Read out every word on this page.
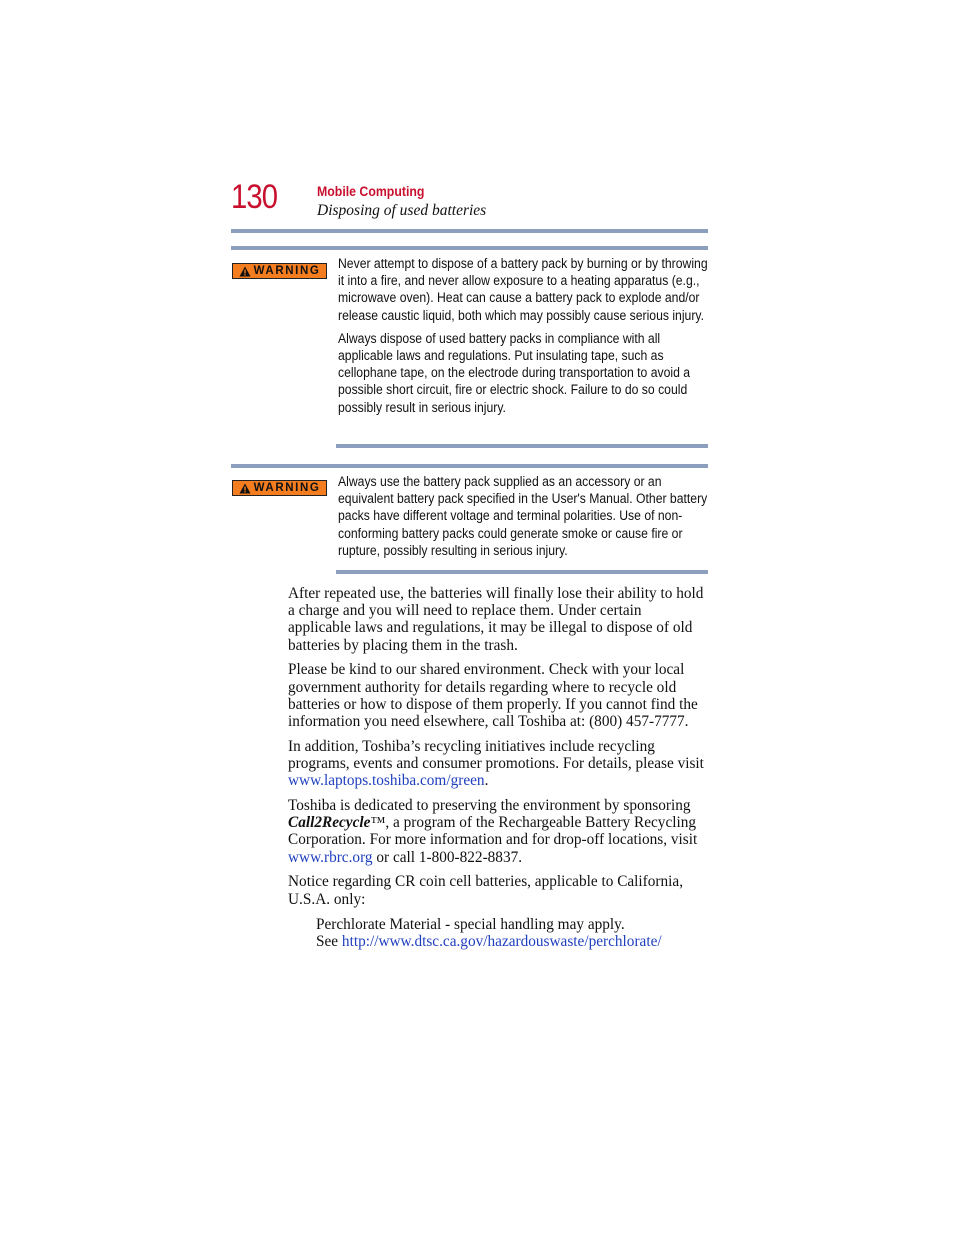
130	Mobile Computing
Disposing of used batteries
WARNING Never attempt to dispose of a battery pack by burning or by throwing it into a fire, and never allow exposure to a heating apparatus (e.g., microwave oven). Heat can cause a battery pack to explode and/or release caustic liquid, both which may possibly cause serious injury.

Always dispose of used battery packs in compliance with all applicable laws and regulations. Put insulating tape, such as cellophane tape, on the electrode during transportation to avoid a possible short circuit, fire or electric shock. Failure to do so could possibly result in serious injury.

WARNING Always use the battery pack supplied as an accessory or an equivalent battery pack specified in the User's Manual. Other battery packs have different voltage and terminal polarities. Use of non-conforming battery packs could generate smoke or cause fire or rupture, possibly resulting in serious injury.

After repeated use, the batteries will finally lose their ability to hold a charge and you will need to replace them. Under certain applicable laws and regulations, it may be illegal to dispose of old batteries by placing them in the trash.

Please be kind to our shared environment. Check with your local government authority for details regarding where to recycle old batteries or how to dispose of them properly. If you cannot find the information you need elsewhere, call Toshiba at: (800) 457-7777.

In addition, Toshiba’s recycling initiatives include recycling programs, events and consumer promotions. For details, please visit www.laptops.toshiba.com/green.

Toshiba is dedicated to preserving the environment by sponsoring Call2Recycle™, a program of the Rechargeable Battery Recycling Corporation. For more information and for drop-off locations, visit www.rbrc.org or call 1-800-822-8837.

Notice regarding CR coin cell batteries, applicable to California, U.S.A. only:

Perchlorate Material - special handling may apply.
See http://www.dtsc.ca.gov/hazardouswaste/perchlorate/
